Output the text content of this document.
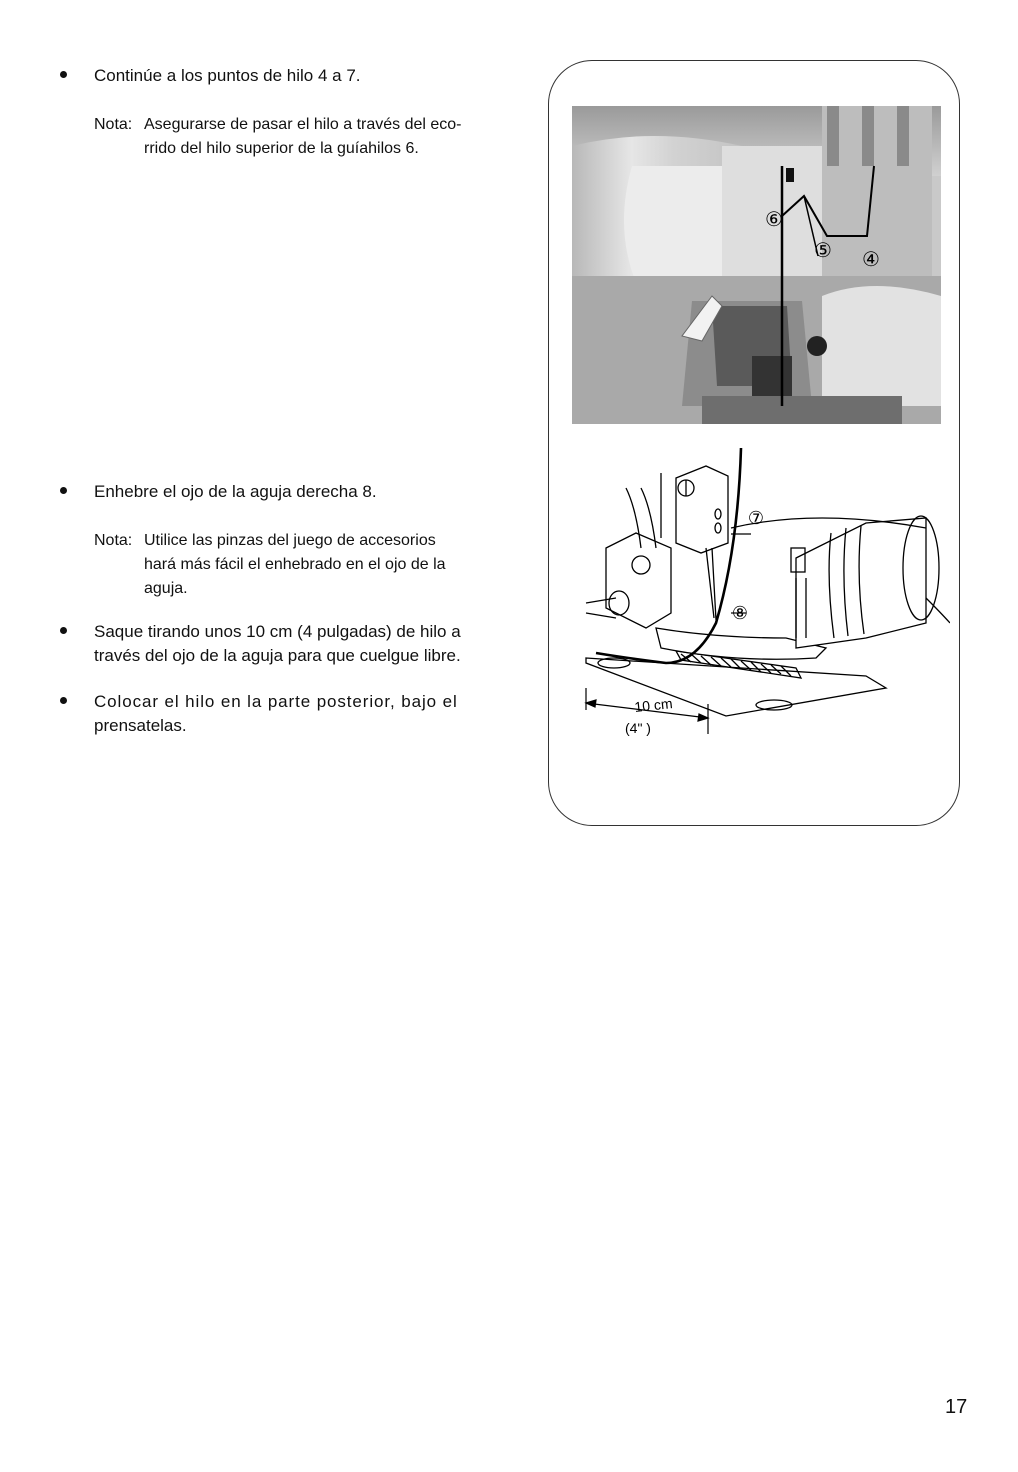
Continúe a los puntos de hilo 4 a 7.
Nota: Asegurarse de pasar el hilo a través del eco-
rrido del hilo superior de la guíahilos 6.
Enhebre el ojo de la aguja derecha 8.
Nota: Utilice las pinzas del juego de accesorios
hará más fácil el enhebrado en el ojo de la
aguja.
Saque tirando unos 10 cm (4 pulgadas) de hilo a
través del ojo de la aguja para que cuelgue libre.
Colocar el hilo en la parte posterior, bajo el
prensatelas.
⑥
⑤ ④
⑦
⑧
10 cm
(4" )
17
